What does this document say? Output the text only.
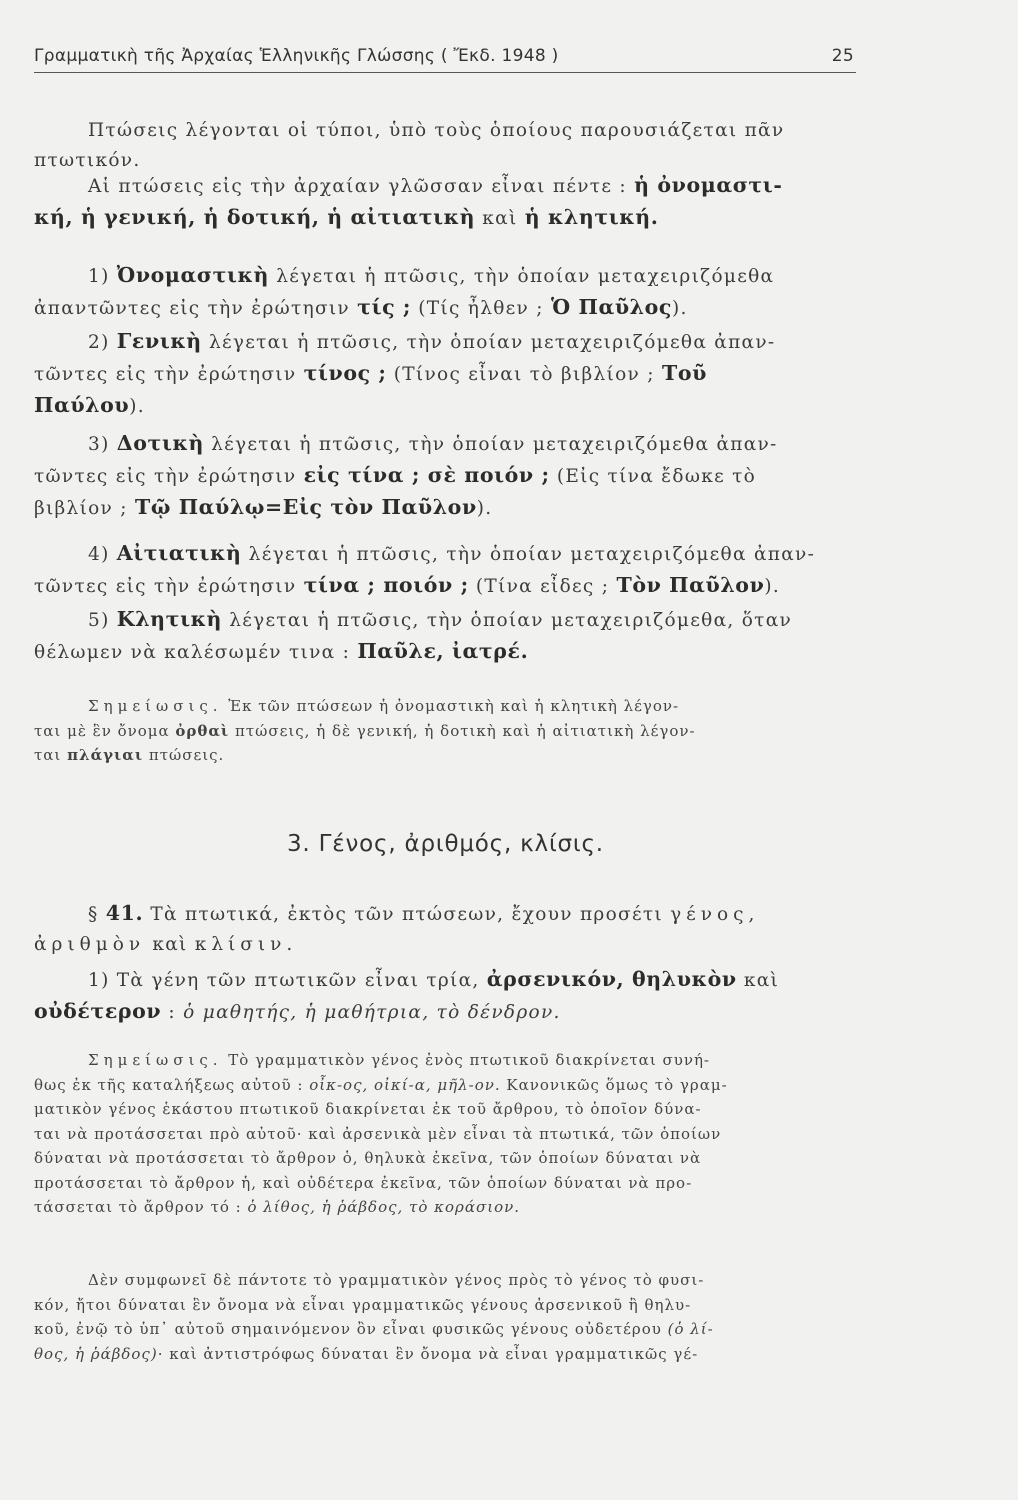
Γραμματικὴ τῆς Ἀρχαίας Ἑλληνικῆς Γλώσσης ( Ἔκδ. 1948 )	25
Πτώσεις λέγονται οἱ τύποι, ὑπὸ τοὺς ὁποίους παρουσιάζεται πᾶν
πτωτικόν.
Αἱ πτώσεις εἰς τὴν ἀρχαίαν γλῶσσαν εἶναι πέντε : ἡ ὀνομαστι-
κή, ἡ γενική, ἡ δοτική, ἡ αἰτιατικὴ καὶ ἡ κλητική.
1) Ὀνομαστικὴ λέγεται ἡ πτῶσις, τὴν ὁποίαν μεταχειριζόμεθα
ἀπαντῶντες εἰς τὴν ἐρώτησιν τίς ; (Τίς ἦλθεν ; Ὁ Παῦλος).
2) Γενικὴ λέγεται ἡ πτῶσις, τὴν ὁποίαν μεταχειριζόμεθα ἀπαν-
τῶντες εἰς τὴν ἐρώτησιν τίνος ; (Τίνος εἶναι τὸ βιβλίον ; Τοῦ
Παύλου).
3) Δοτικὴ λέγεται ἡ πτῶσις, τὴν ὁποίαν μεταχειριζόμεθα ἀπαν-
τῶντες εἰς τὴν ἐρώτησιν εἰς τίνα ; σὲ ποιόν ; (Εἰς τίνα ἔδωκε τὸ
βιβλίον ; Τῷ Παύλῳ=Εἰς τὸν Παῦλον).
4) Αἰτιατικὴ λέγεται ἡ πτῶσις, τὴν ὁποίαν μεταχειριζόμεθα ἀπαν-
τῶντες εἰς τὴν ἐρώτησιν τίνα ; ποιόν ; (Τίνα εἶδες ; Τὸν Παῦλον).
5) Κλητικὴ λέγεται ἡ πτῶσις, τὴν ὁποίαν μεταχειριζόμεθα, ὅταν
θέλωμεν νὰ καλέσωμέν τινα : Παῦλε, ἰατρέ.
Σημείωσις. Ἐκ τῶν πτώσεων ἡ ὀνομαστικὴ καὶ ἡ κλητικὴ λέγον-
ται μὲ ἓν ὄνομα ὀρθαὶ πτώσεις, ἡ δὲ γενική, ἡ δοτικὴ καὶ ἡ αἰτιατικὴ λέγον-
ται πλάγιαι πτώσεις.
3. Γένος, ἀριθμός, κλίσις.
§ 41. Τὰ πτωτικά, ἐκτὸς τῶν πτώσεων, ἔχουν προσέτι γένος,
ἀριθμὸν καὶ κλίσιν.
1) Τὰ γένη τῶν πτωτικῶν εἶναι τρία, ἀρσενικόν, θηλυκὸν καὶ
οὐδέτερον : ὁ μαθητής, ἡ μαθήτρια, τὸ δένδρον.
Σημείωσις. Τὸ γραμματικὸν γένος ἑνὸς πτωτικοῦ διακρίνεται συνή-
θως ἐκ τῆς καταλήξεως αὐτοῦ : οἶκ-ος, οἰκί-α, μῆλ-ον. Κανονικῶς ὅμως τὸ γραμ-
ματικὸν γένος ἑκάστου πτωτικοῦ διακρίνεται ἐκ τοῦ ἄρθρου, τὸ ὁποῖον δύνα-
ται νὰ προτάσσεται πρὸ αὐτοῦ· καὶ ἀρσενικὰ μὲν εἶναι τὰ πτωτικά, τῶν ὁποίων
δύναται νὰ προτάσσεται τὸ ἄρθρον ὁ, θηλυκὰ ἐκεῖνα, τῶν ὁποίων δύναται νὰ
προτάσσεται τὸ ἄρθρον ἡ, καὶ οὐδέτερα ἐκεῖνα, τῶν ὁποίων δύναται νὰ προ-
τάσσεται τὸ ἄρθρον τό : ὁ λίθος, ἡ ῥάβδος, τὸ κοράσιον.
Δὲν συμφωνεῖ δὲ πάντοτε τὸ γραμματικὸν γένος πρὸς τὸ γένος τὸ φυσι-
κόν, ἤτοι δύναται ἓν ὄνομα νὰ εἶναι γραμματικῶς γένους ἀρσενικοῦ ἢ θηλυ-
κοῦ, ἐνῷ τὸ ὑπ᾿ αὐτοῦ σημαινόμενον ὂν εἶναι φυσικῶς γένους οὐδετέρου (ὁ λί-
θος, ἡ ῥάβδος)· καὶ ἀντιστρόφως δύναται ἓν ὄνομα νὰ εἶναι γραμματικῶς γέ-
